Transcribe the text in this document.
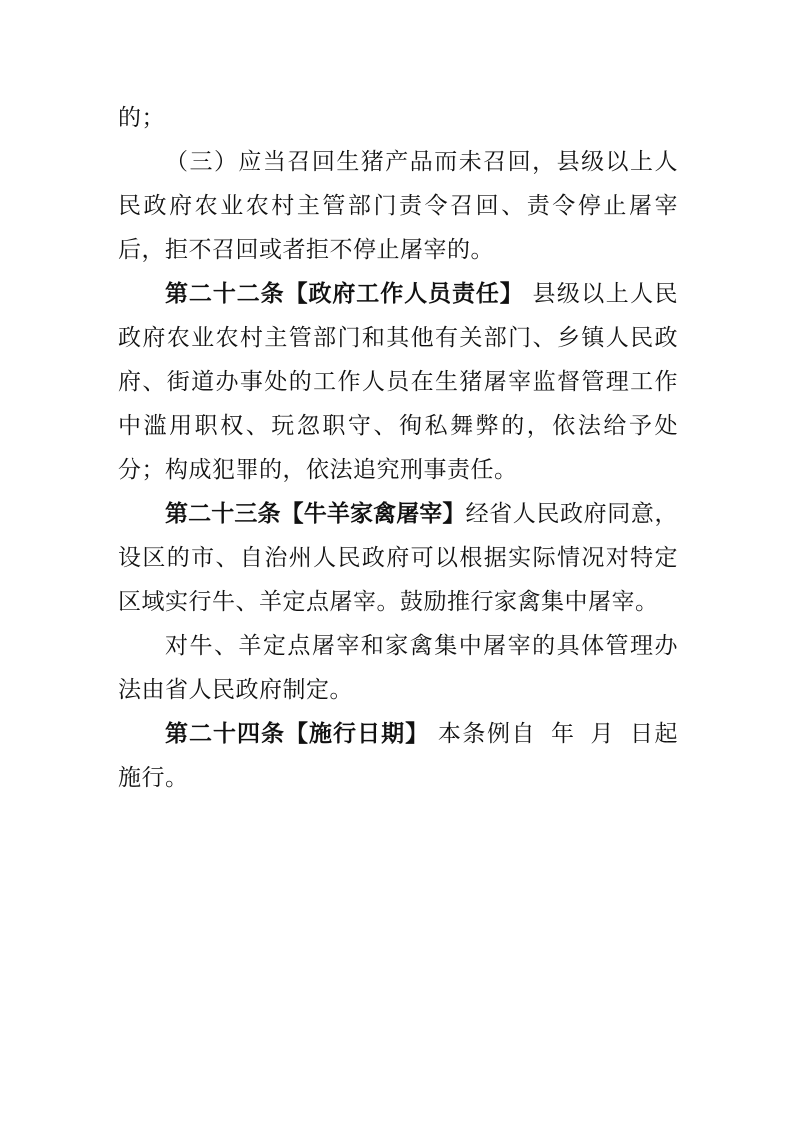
的；

（三）应当召回生猪产品而未召回，县级以上人民政府农业农村主管部门责令召回、责令停止屠宰后，拒不召回或者拒不停止屠宰的。

第二十二条【政府工作人员责任】 县级以上人民政府农业农村主管部门和其他有关部门、乡镇人民政府、街道办事处的工作人员在生猪屠宰监督管理工作中滥用职权、玩忽职守、徇私舞弊的，依法给予处分；构成犯罪的，依法追究刑事责任。

第二十三条【牛羊家禽屠宰】经省人民政府同意，设区的市、自治州人民政府可以根据实际情况对特定区域实行牛、羊定点屠宰。鼓励推行家禽集中屠宰。

对牛、羊定点屠宰和家禽集中屠宰的具体管理办法由省人民政府制定。

第二十四条【施行日期】 本条例自 年 月 日起施行。
